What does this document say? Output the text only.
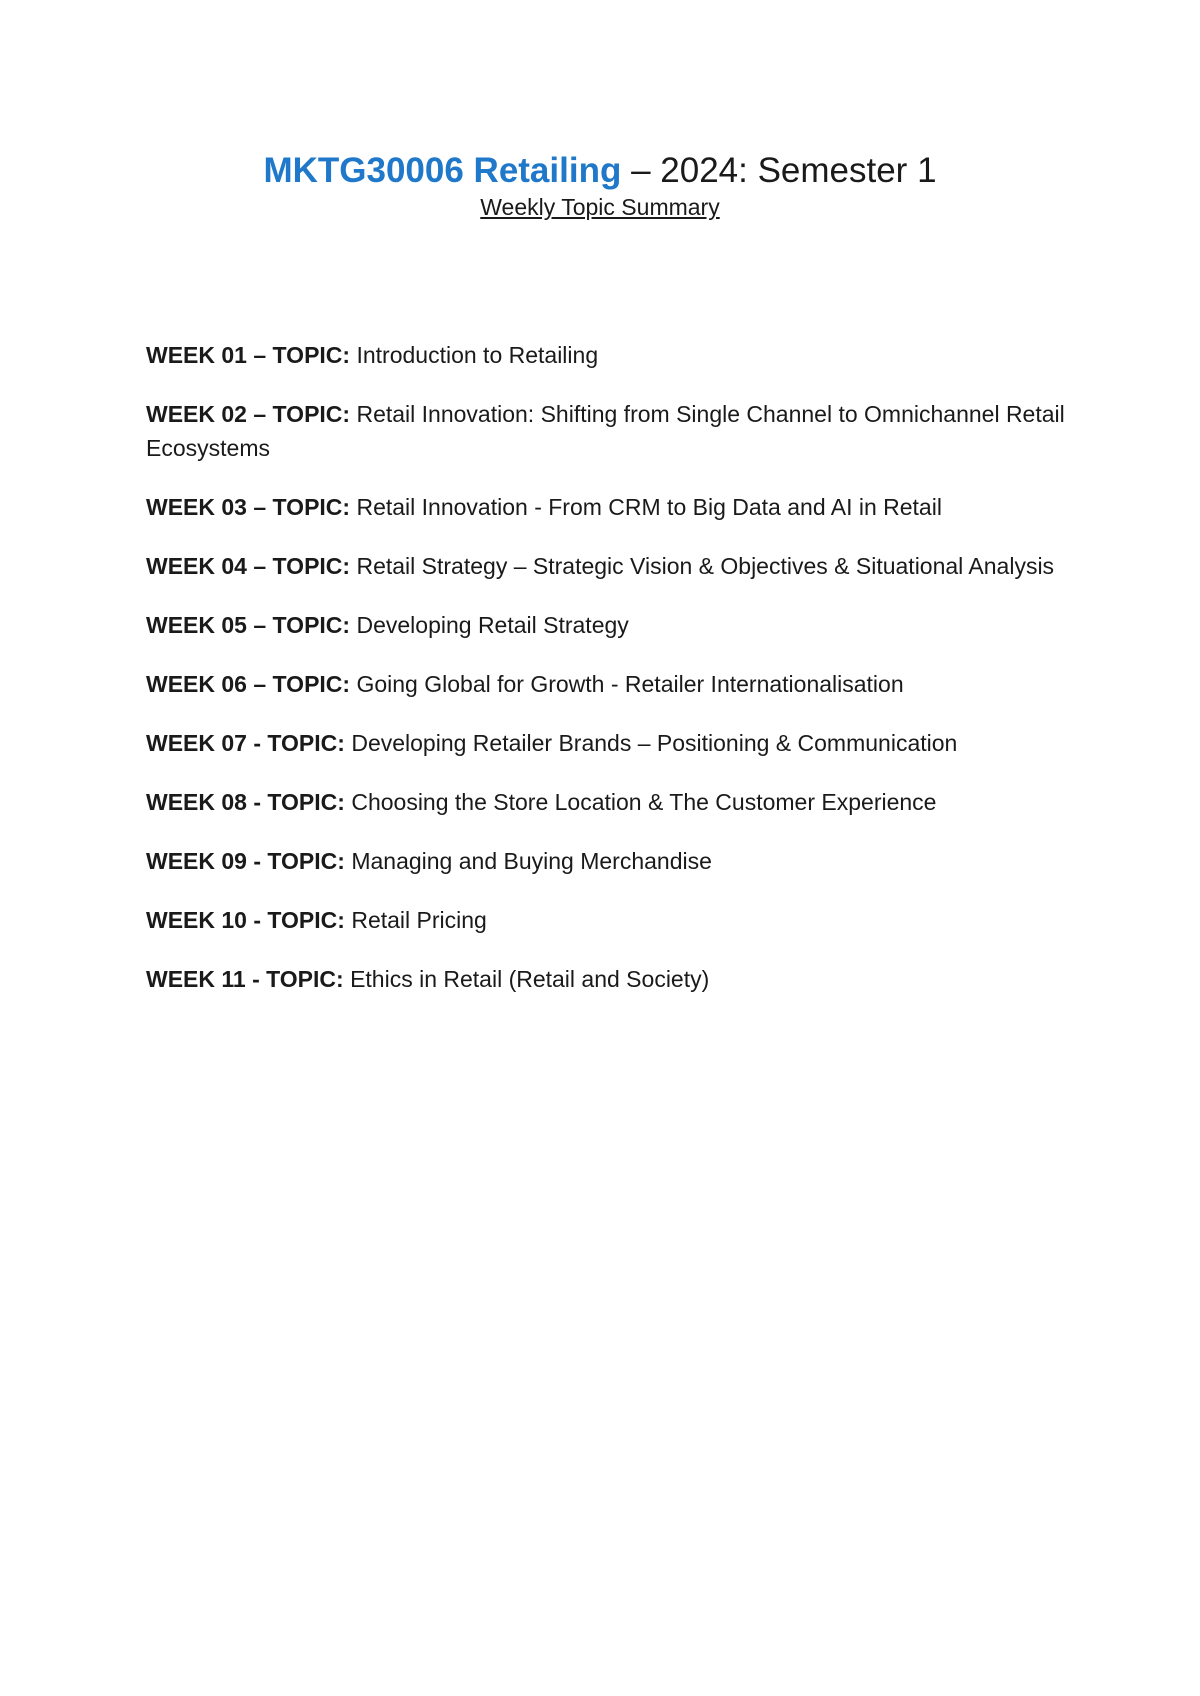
MKTG30006 Retailing – 2024: Semester 1

Weekly Topic Summary
WEEK 01 – TOPIC: Introduction to Retailing
WEEK 02 – TOPIC: Retail Innovation: Shifting from Single Channel to Omnichannel Retail Ecosystems
WEEK 03 – TOPIC: Retail Innovation - From CRM to Big Data and AI in Retail
WEEK 04 – TOPIC: Retail Strategy – Strategic Vision & Objectives & Situational Analysis
WEEK 05 – TOPIC: Developing Retail Strategy
WEEK 06 – TOPIC: Going Global for Growth - Retailer Internationalisation
WEEK 07 - TOPIC: Developing Retailer Brands – Positioning & Communication
WEEK 08 - TOPIC: Choosing the Store Location & The Customer Experience
WEEK 09 - TOPIC: Managing and Buying Merchandise
WEEK 10 - TOPIC: Retail Pricing
WEEK 11 - TOPIC: Ethics in Retail (Retail and Society)
